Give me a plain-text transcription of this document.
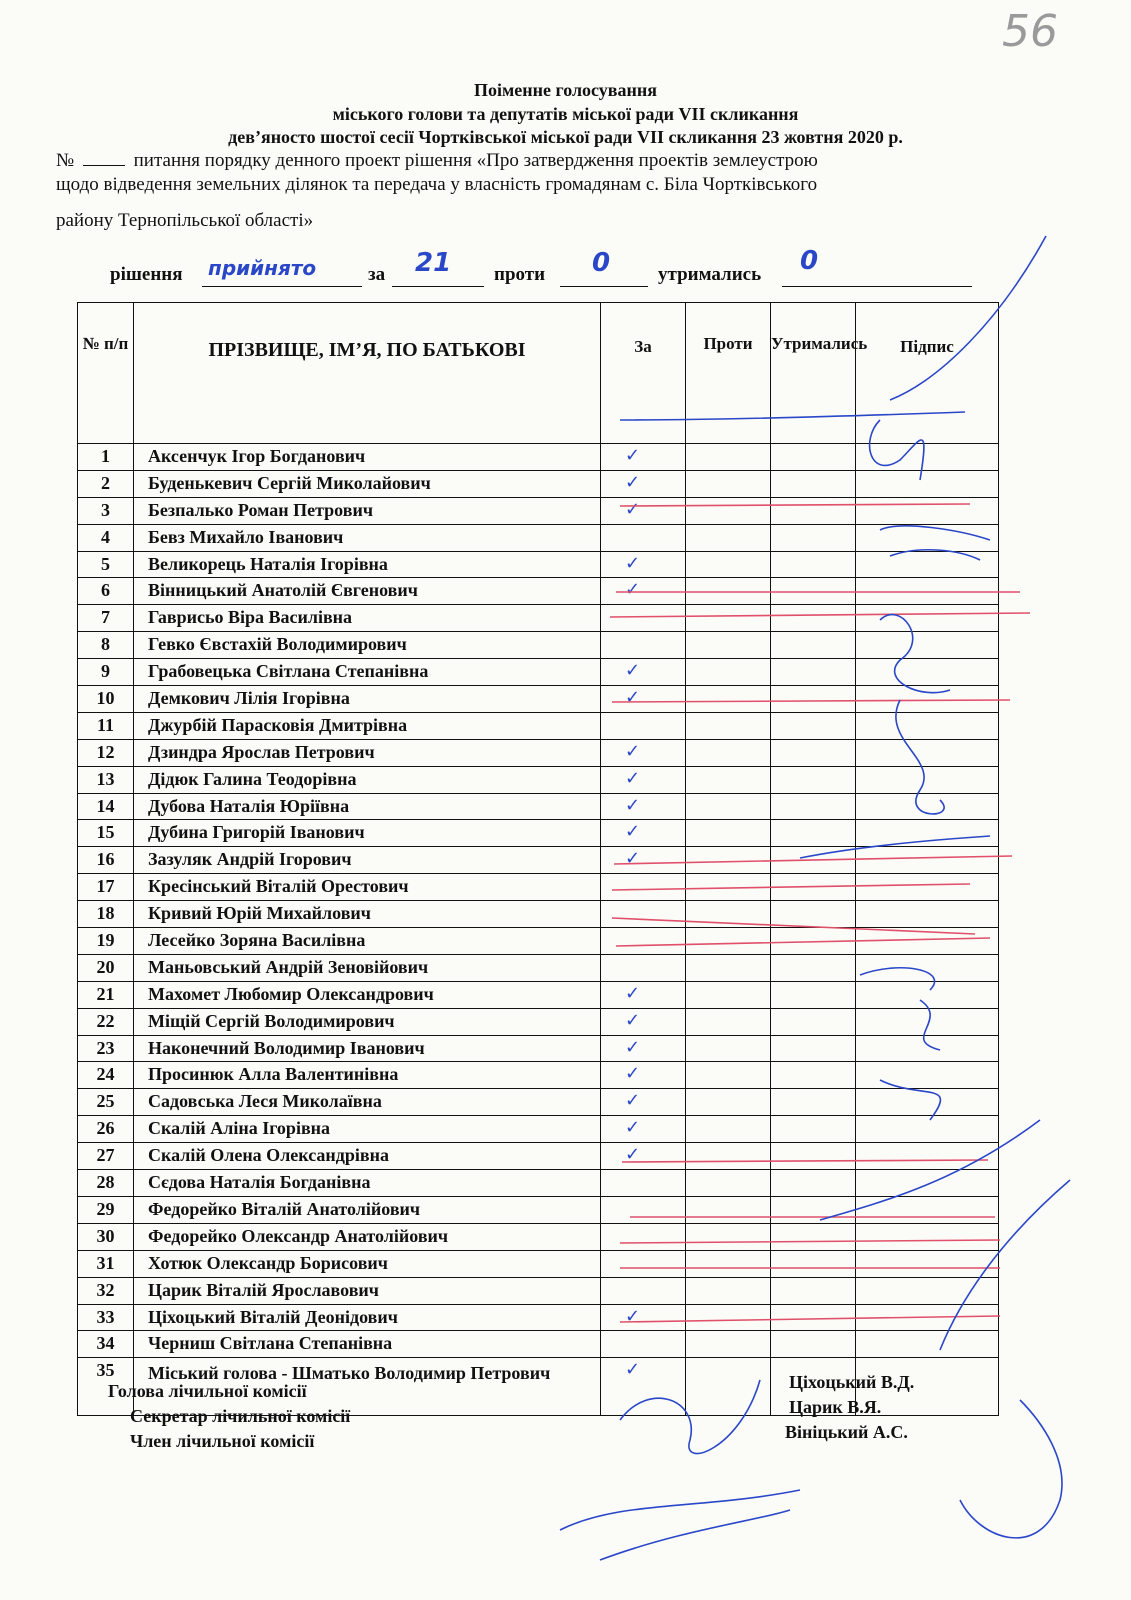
56
Поіменне голосування
міського голови та депутатів міської ради VII скликання
дев’яносто шостої сесії Чортківської міської ради VII скликання 23 жовтня 2020 р.
№	питання порядку денного проект рішення «Про затвердження проектів землеустрою
щодо відведення земельних ділянок та передача у власність громадянам с. Біла Чортківського
району Тернопільської області»
рішення прийнято	за 21 проти 0	утримались 0
№ п/п	ПРІЗВИЩЕ, ІМ’Я, ПО БАТЬКОВІ	За	Проти	Утримались	Підпис
1	Аксенчук Ігор Богданович	✓			

2	Буденькевич Сергій Миколайович	✓			

3	Безпалько Роман Петрович	✓			

4	Бевз Михайло Іванович				
5	Великорець Наталія Ігорівна	✓			

6	Вінницький Анатолій Євгенович	✓			

7	Гаврисьо Віра Василівна				
8	Гевко Євстахій Володимирович				
9	Грабовецька Світлана Степанівна	✓			

10	Демкович Лілія Ігорівна	✓			

11	Джурбій Парасковія Дмитрівна				
12	Дзиндра Ярослав Петрович	✓			

13	Дідюк Галина Теодорівна	✓			

14	Дубова Наталія Юріївна	✓			

15	Дубина Григорій Іванович	✓			

16	Зазуляк Андрій Ігорович	✓			

17	Кресінський Віталій Орестович				
18	Кривий Юрій Михайлович				
19	Лесейко Зоряна Василівна				
20	Маньовський Андрій Зеновійович				
21	Махомет Любомир Олександрович	✓			

22	Міщій Сергій Володимирович	✓			

23	Наконечний Володимир Іванович	✓			

24	Просинюк Алла Валентинівна	✓			

25	Садовська Леся Миколаївна	✓			

26	Скалій Аліна Ігорівна	✓			

27	Скалій Олена Олександрівна	✓			

28	Сєдова Наталія Богданівна				
29	Федорейко Віталій Анатолійович				
30	Федорейко Олександр Анатолійович				
31	Хотюк Олександр Борисович				
32	Царик Віталій Ярославович				
33	Ціхоцький Віталій Деонідович	✓			

34	Черниш Світлана Степанівна				
35	Міський голова - Шматько Володимир Петрович	✓			

Голова лічильної комісії
Секретар лічильної комісії
Член лічильної комісії
Ціхоцький В.Д.
Царик В.Я.
Вініцький А.С.
